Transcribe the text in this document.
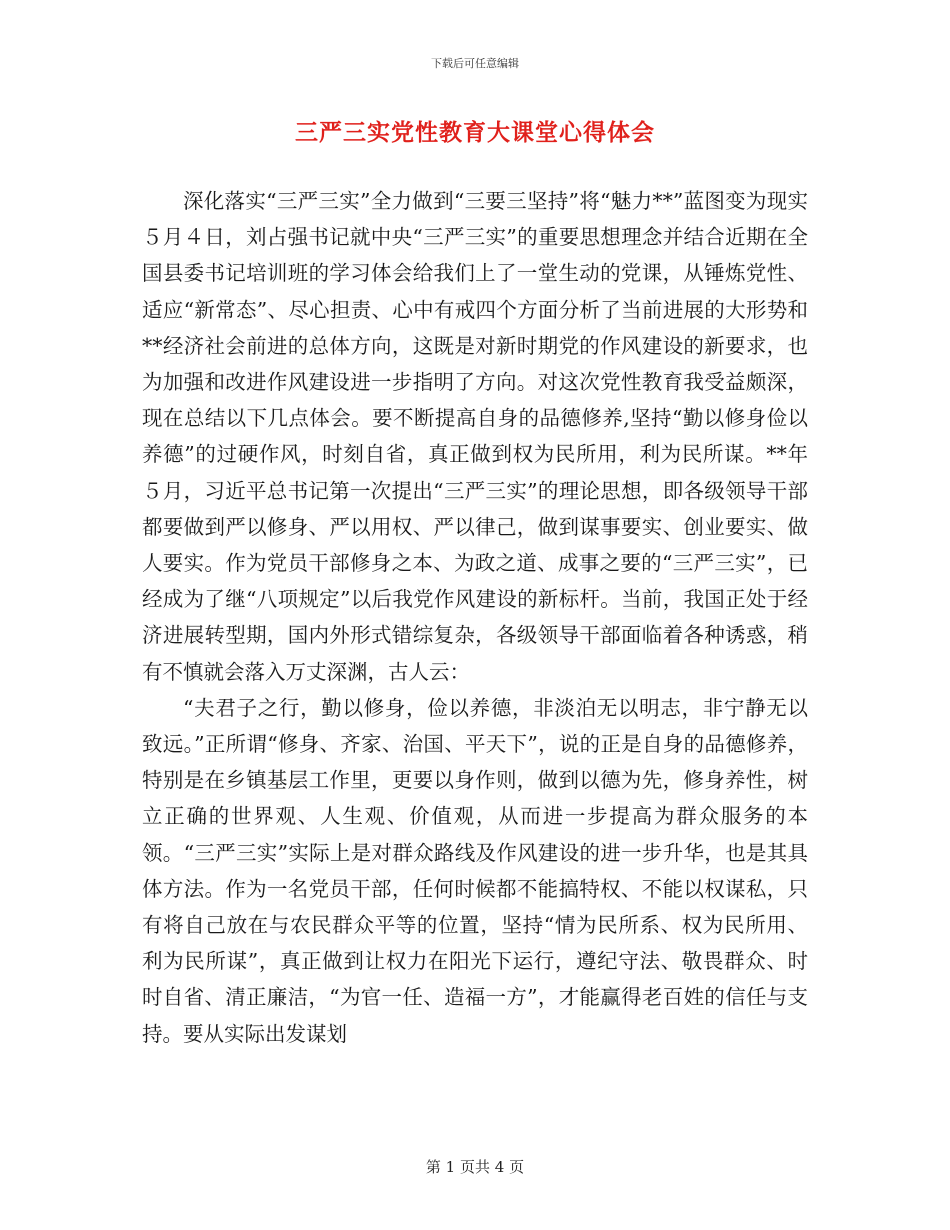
下载后可任意编辑
三严三实党性教育大课堂心得体会

深化落实“三严三实”全力做到“三要三坚持”将“魅力**”蓝图变为现实５月４日，刘占强书记就中央“三严三实”的重要思想理念并结合近期在全国县委书记培训班的学习体会给我们上了一堂生动的党课，从锤炼党性、适应“新常态”、尽心担责、心中有戒四个方面分析了当前进展的大形势和**经济社会前进的总体方向，这既是对新时期党的作风建设的新要求，也为加强和改进作风建设进一步指明了方向。对这次党性教育我受益颇深，现在总结以下几点体会。要不断提高自身的品德修养,坚持“勤以修身俭以养德”的过硬作风，时刻自省，真正做到权为民所用，利为民所谋。**年５月，习近平总书记第一次提出“三严三实”的理论思想，即各级领导干部都要做到严以修身、严以用权、严以律己，做到谋事要实、创业要实、做人要实。作为党员干部修身之本、为政之道、成事之要的“三严三实”，已经成为了继“八项规定”以后我党作风建设的新标杆。当前，我国正处于经济进展转型期，国内外形式错综复杂，各级领导干部面临着各种诱惑，稍有不慎就会落入万丈深渊，古人云：

“夫君子之行，勤以修身，俭以养德，非淡泊无以明志，非宁静无以致远。”正所谓“修身、齐家、治国、平天下”，说的正是自身的品德修养，特别是在乡镇基层工作里，更要以身作则，做到以德为先，修身养性，树立正确的世界观、人生观、价值观，从而进一步提高为群众服务的本领。“三严三实”实际上是对群众路线及作风建设的进一步升华，也是其具体方法。作为一名党员干部，任何时候都不能搞特权、不能以权谋私，只有将自己放在与农民群众平等的位置，坚持“情为民所系、权为民所用、利为民所谋”，真正做到让权力在阳光下运行，遵纪守法、敬畏群众、时时自省、清正廉洁，“为官一任、造福一方”，才能赢得老百姓的信任与支持。要从实际出发谋划

第 1 页共 4 页
